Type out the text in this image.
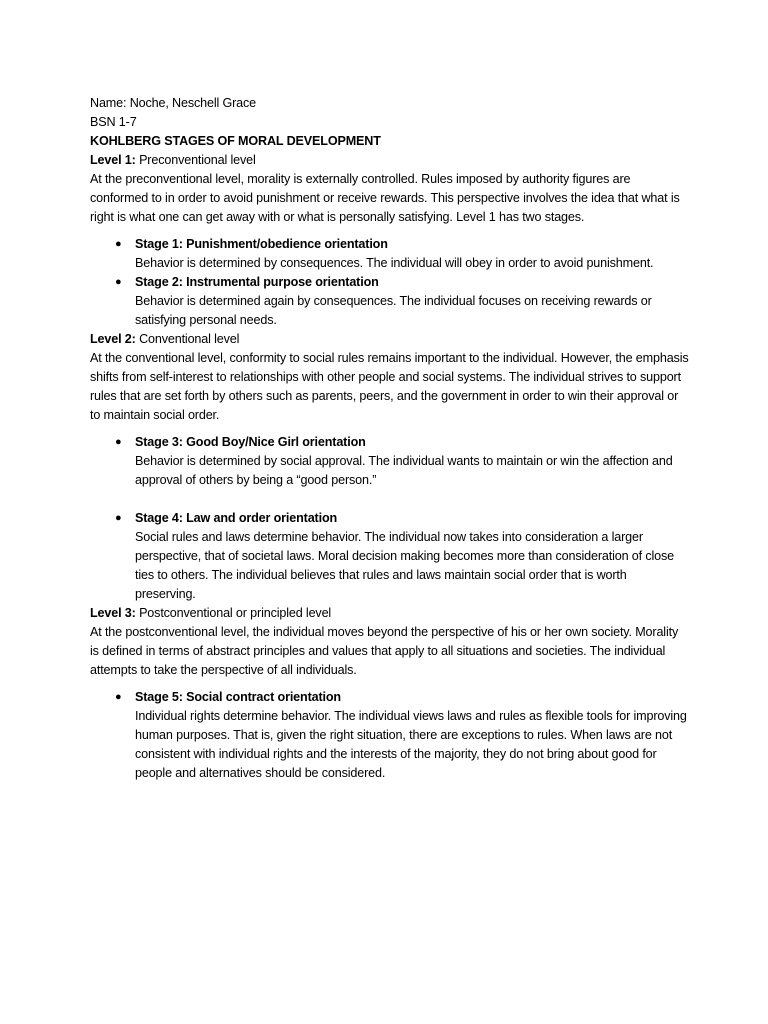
Name: Noche, Neschell Grace

BSN 1-7

KOHLBERG STAGES OF MORAL DEVELOPMENT

Level 1: Preconventional level

At the preconventional level, morality is externally controlled. Rules imposed by authority figures are conformed to in order to avoid punishment or receive rewards. This perspective involves the idea that what is right is what one can get away with or what is personally satisfying. Level 1 has two stages.

● Stage 1: Punishment/obedience orientation
Behavior is determined by consequences. The individual will obey in order to avoid punishment.
● Stage 2: Instrumental purpose orientation
Behavior is determined again by consequences. The individual focuses on receiving rewards or satisfying personal needs.

Level 2: Conventional level

At the conventional level, conformity to social rules remains important to the individual. However, the emphasis shifts from self-interest to relationships with other people and social systems. The individual strives to support rules that are set forth by others such as parents, peers, and the government in order to win their approval or to maintain social order.

● Stage 3: Good Boy/Nice Girl orientation
Behavior is determined by social approval. The individual wants to maintain or win the affection and approval of others by being a “good person.”
● Stage 4: Law and order orientation
Social rules and laws determine behavior. The individual now takes into consideration a larger perspective, that of societal laws. Moral decision making becomes more than consideration of close ties to others. The individual believes that rules and laws maintain social order that is worth preserving.

Level 3: Postconventional or principled level

At the postconventional level, the individual moves beyond the perspective of his or her own society. Morality is defined in terms of abstract principles and values that apply to all situations and societies. The individual attempts to take the perspective of all individuals.

● Stage 5: Social contract orientation
Individual rights determine behavior. The individual views laws and rules as flexible tools for improving human purposes. That is, given the right situation, there are exceptions to rules. When laws are not consistent with individual rights and the interests of the majority, they do not bring about good for people and alternatives should be considered.
